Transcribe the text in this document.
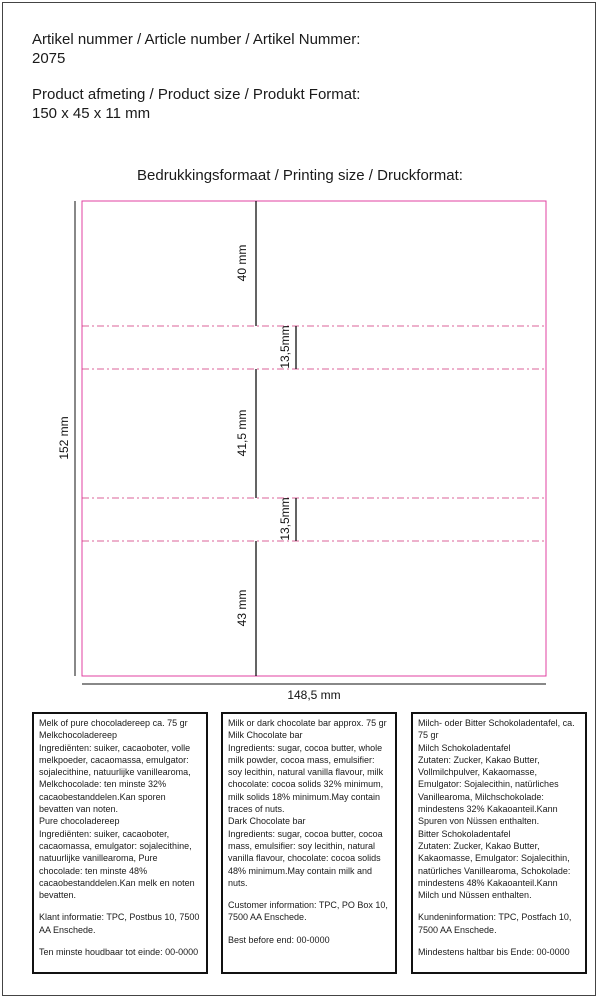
Artikel nummer / Article number / Artikel Nummer:
2075
Product afmeting / Product size / Produkt Format:
150 x 45 x 11 mm
Bedrukkingsformaat / Printing size / Druckformat:
40 mm
13,5mm
41,5 mm
13,5mm
43 mm
152 mm
148,5 mm

Melk of pure chocoladereep ca. 75 gr
Melkchocoladereep
Ingrediënten: suiker, cacaoboter, volle melkpoeder, cacaomassa, emulgator: sojalecithine, natuurlijke vanillearoma, Melkchocolade: ten minste 32% cacaobestanddelen.Kan sporen bevatten van noten.
Pure chocoladereep
Ingrediënten: suiker, cacaoboter, cacaomassa, emulgator: sojalecithine, natuurlijke vanillearoma, Pure chocolade: ten minste 48% cacaobestanddelen.Kan melk en noten bevatten.

Klant informatie: TPC, Postbus 10, 7500 AA Enschede.

Ten minste houdbaar tot einde: 00-0000

Milk or dark chocolate bar approx. 75 gr
Milk Chocolate bar
Ingredients: sugar, cocoa butter, whole milk powder, cocoa mass, emulsifier: soy lecithin, natural vanilla flavour, milk chocolate: cocoa solids 32% minimum, milk solids 18% minimum.May contain traces of nuts.
Dark Chocolate bar
Ingredients: sugar, cocoa butter, cocoa mass, emulsifier: soy lecithin, natural vanilla flavour, chocolate: cocoa solids 48% minimum.May contain milk and nuts.

Customer information: TPC, PO Box 10, 7500 AA Enschede.

Best before end: 00-0000

Milch- oder Bitter Schokoladentafel, ca. 75 gr
Milch Schokoladentafel
Zutaten: Zucker, Kakao Butter, Vollmilchpulver, Kakaomasse, Emulgator: Sojalecithin, natürliches Vanillearoma, Milchschokolade: mindestens 32% Kakaoanteil.Kann Spuren von Nüssen enthalten.
Bitter Schokoladentafel
Zutaten: Zucker, Kakao Butter, Kakaomasse, Emulgator: Sojalecithin, natürliches Vanillearoma, Schokolade: mindestens 48% Kakaoanteil.Kann Milch und Nüssen enthalten.

Kundeninformation: TPC, Postfach 10, 7500 AA Enschede.

Mindestens haltbar bis Ende: 00-0000
